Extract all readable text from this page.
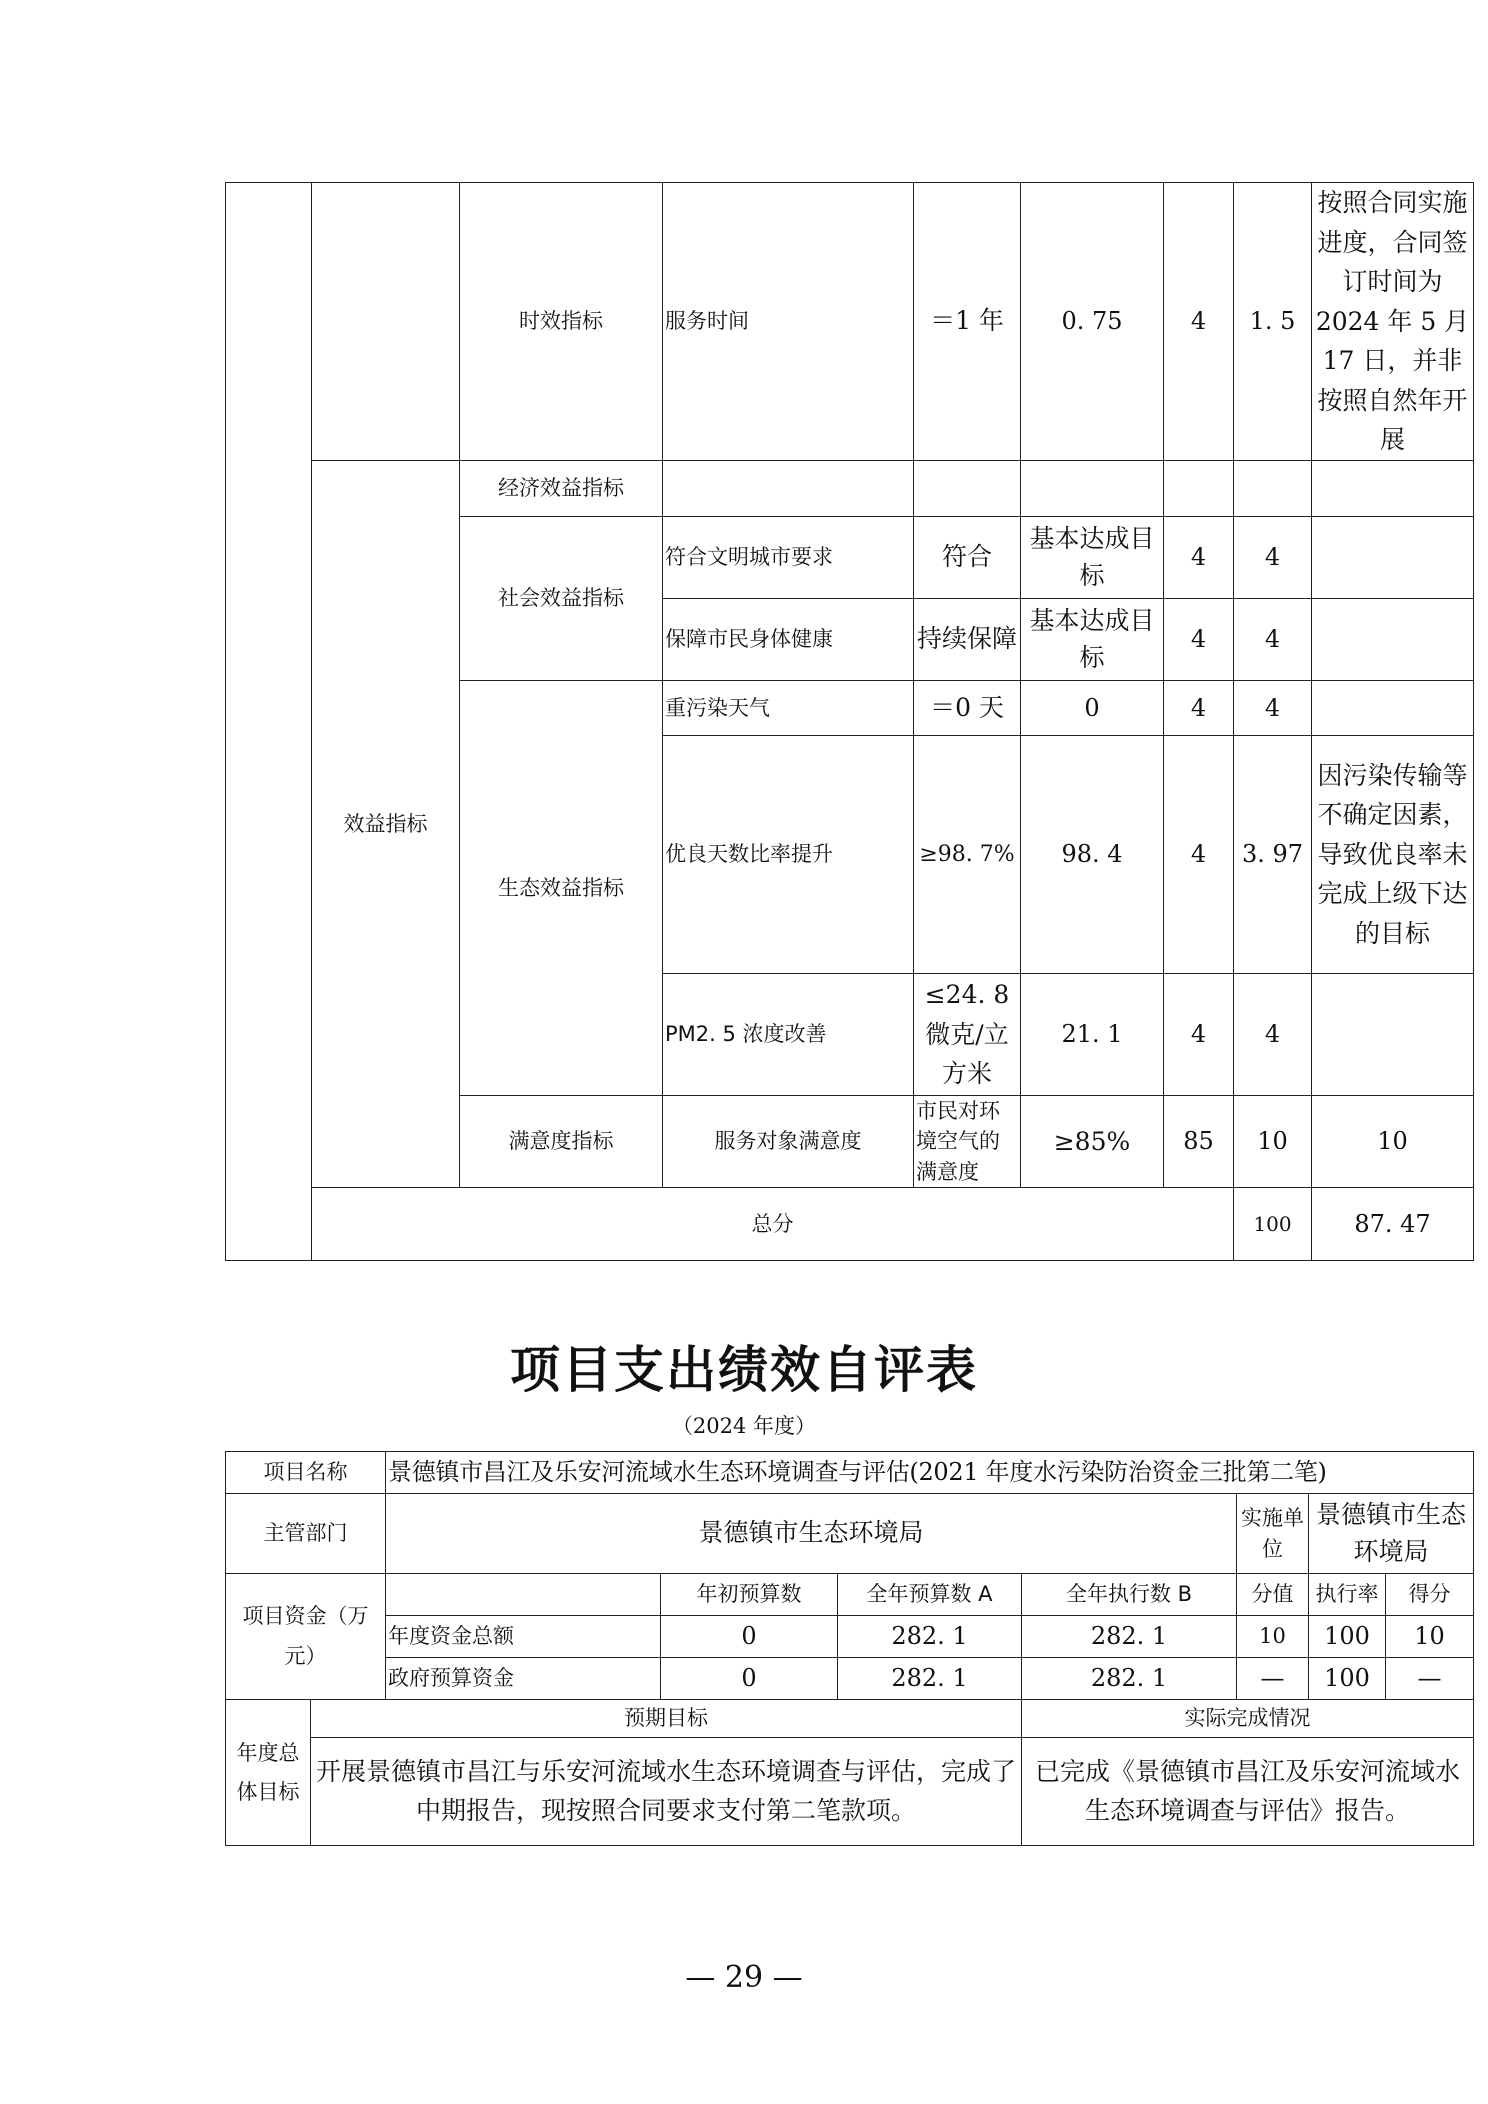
		时效指标	服务时间	＝1 年	0. 75	4	1. 5	按照合同实施进度，合同签订时间为 2024 年 5 月 17 日，并非按照自然年开展	
	效益指标	经济效益指标							
		社会效益指标	符合文明城市要求	符合	基本达成目标	4	4		
			保障市民身体健康	持续保障	基本达成目标	4	4		
		生态效益指标	重污染天气	＝0 天	0	4	4		
			优良天数比率提升	≥98. 7%	98. 4	4	3. 97	因污染传输等不确定因素，导致优良率未完成上级下达的目标	
			PM2. 5 浓度改善	≤24. 8 微克/立方米	21. 1	4	4		
		满意度指标	服务对象满意度	市民对环境空气的满意度	≥85%	85	10	10	
	总分						100	87. 47	
项目支出绩效自评表
（2024 年度）
项目名称		景德镇市昌江及乐安河流域水生态环境调查与评估(2021 年度水污染防治资金三批第二笔)						
主管部门		景德镇市生态环境局				实施单位	景德镇市生态环境局	
项目资金（万元）			年初预算数	全年预算数 A	全年执行数 B	分值	执行率	得分
		年度资金总额	0	282. 1	282. 1	10	100	10
		政府预算资金	0	282. 1	282. 1	—	100	—
年度总体目标	预期目标				实际完成情况			
	开展景德镇市昌江与乐安河流域水生态环境调查与评估，完成了中期报告，现按照合同要求支付第二笔款项。				已完成《景德镇市昌江及乐安河流域水生态环境调查与评估》报告。			
— 29 —
